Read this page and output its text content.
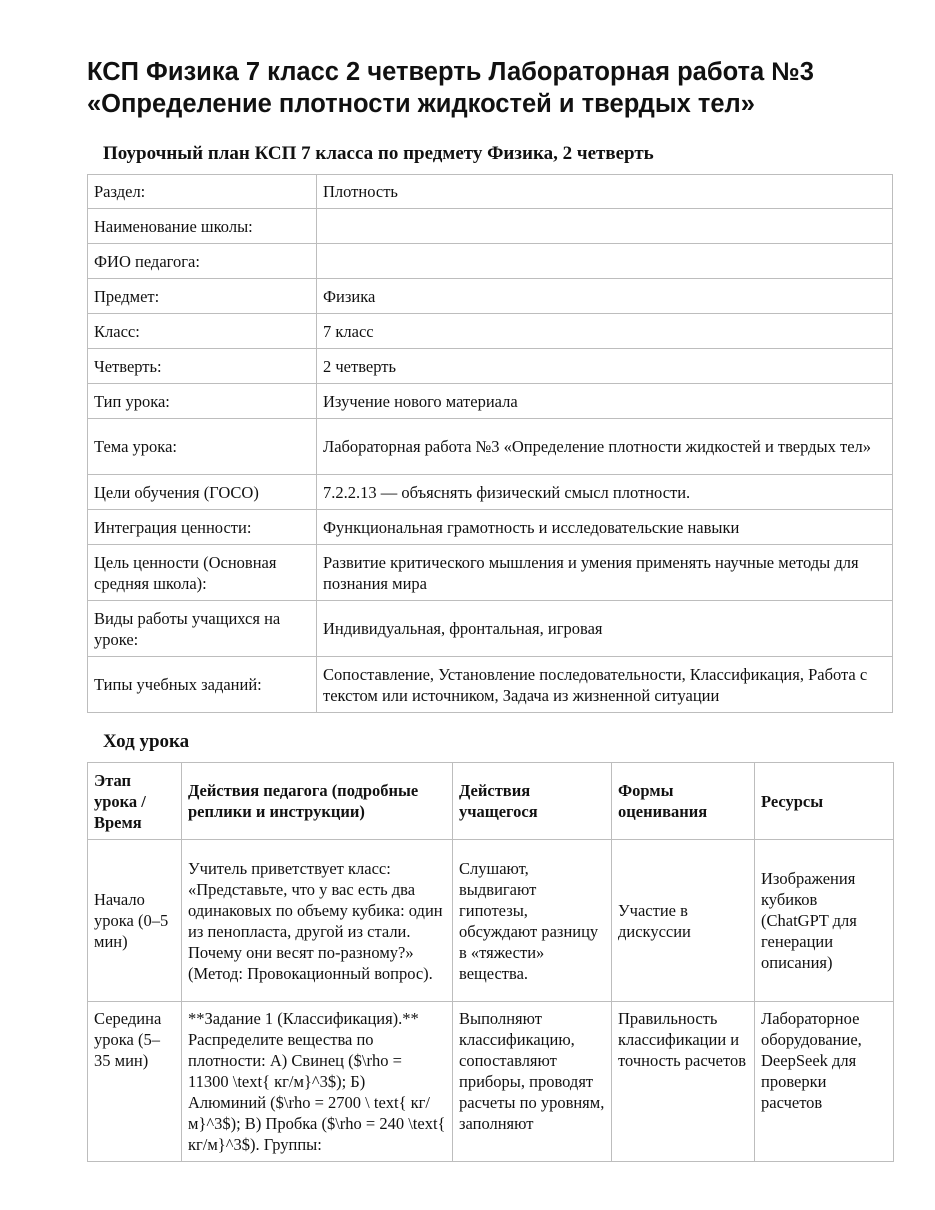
КСП Физика 7 класс 2 четверть Лабораторная работа №3 «Определение плотности жидкостей и твердых тел»
Поурочный план КСП 7 класса по предмету Физика, 2 четверть
Раздел:	Плотность
Наименование школы:	
ФИО педагога:	
Предмет:	Физика
Класс:	7 класс
Четверть:	2 четверть
Тип урока:	Изучение нового материала
Тема урока:	Лабораторная работа №3 «Определение плотности жидкостей и твердых тел»
Цели обучения (ГОСО)	7.2.2.13 — объяснять физический смысл плотности.
Интеграция ценности:	Функциональная грамотность и исследовательские навыки
Цель ценности (Основная средняя школа):	Развитие критического мышления и умения применять научные методы для познания мира
Виды работы учащихся на уроке:	Индивидуальная, фронтальная, игровая
Типы учебных заданий:	Сопоставление, Установление последовательности, Классификация, Работа с текстом или источником, Задача из жизненной ситуации
Ход урока
Этап урока / Время	Действия педагога (подробные реплики и инструкции)	Действия учащегося	Формы оценивания	Ресурсы
Начало урока (0–5 мин)	Учитель приветствует класс: «Представьте, что у вас есть два одинаковых по объему кубика: один из пенопласта, другой из стали. Почему они весят по-разному?» (Метод: Провокационный вопрос).	Слушают, выдвигают гипотезы, обсуждают разницу в «тяжести» вещества.	Участие в дискуссии	Изображения кубиков (ChatGPT для генерации описания)
Середина урока (5–35 мин)	**Задание 1 (Классификация).** Распределите вещества по плотности: А) Свинец ($\rho = 11300 \text{ кг/м}^3$); Б) Алюминий ($\rho = 2700 \ text{ кг/м}^3$); В) Пробка ($\rho = 240 \text{ кг/м}^3$). Группы:	Выполняют классификацию, сопоставляют приборы, проводят расчеты по уровням, заполняют	Правильность классификации и точность расчетов	Лабораторное оборудование, DeepSeek для проверки расчетов
